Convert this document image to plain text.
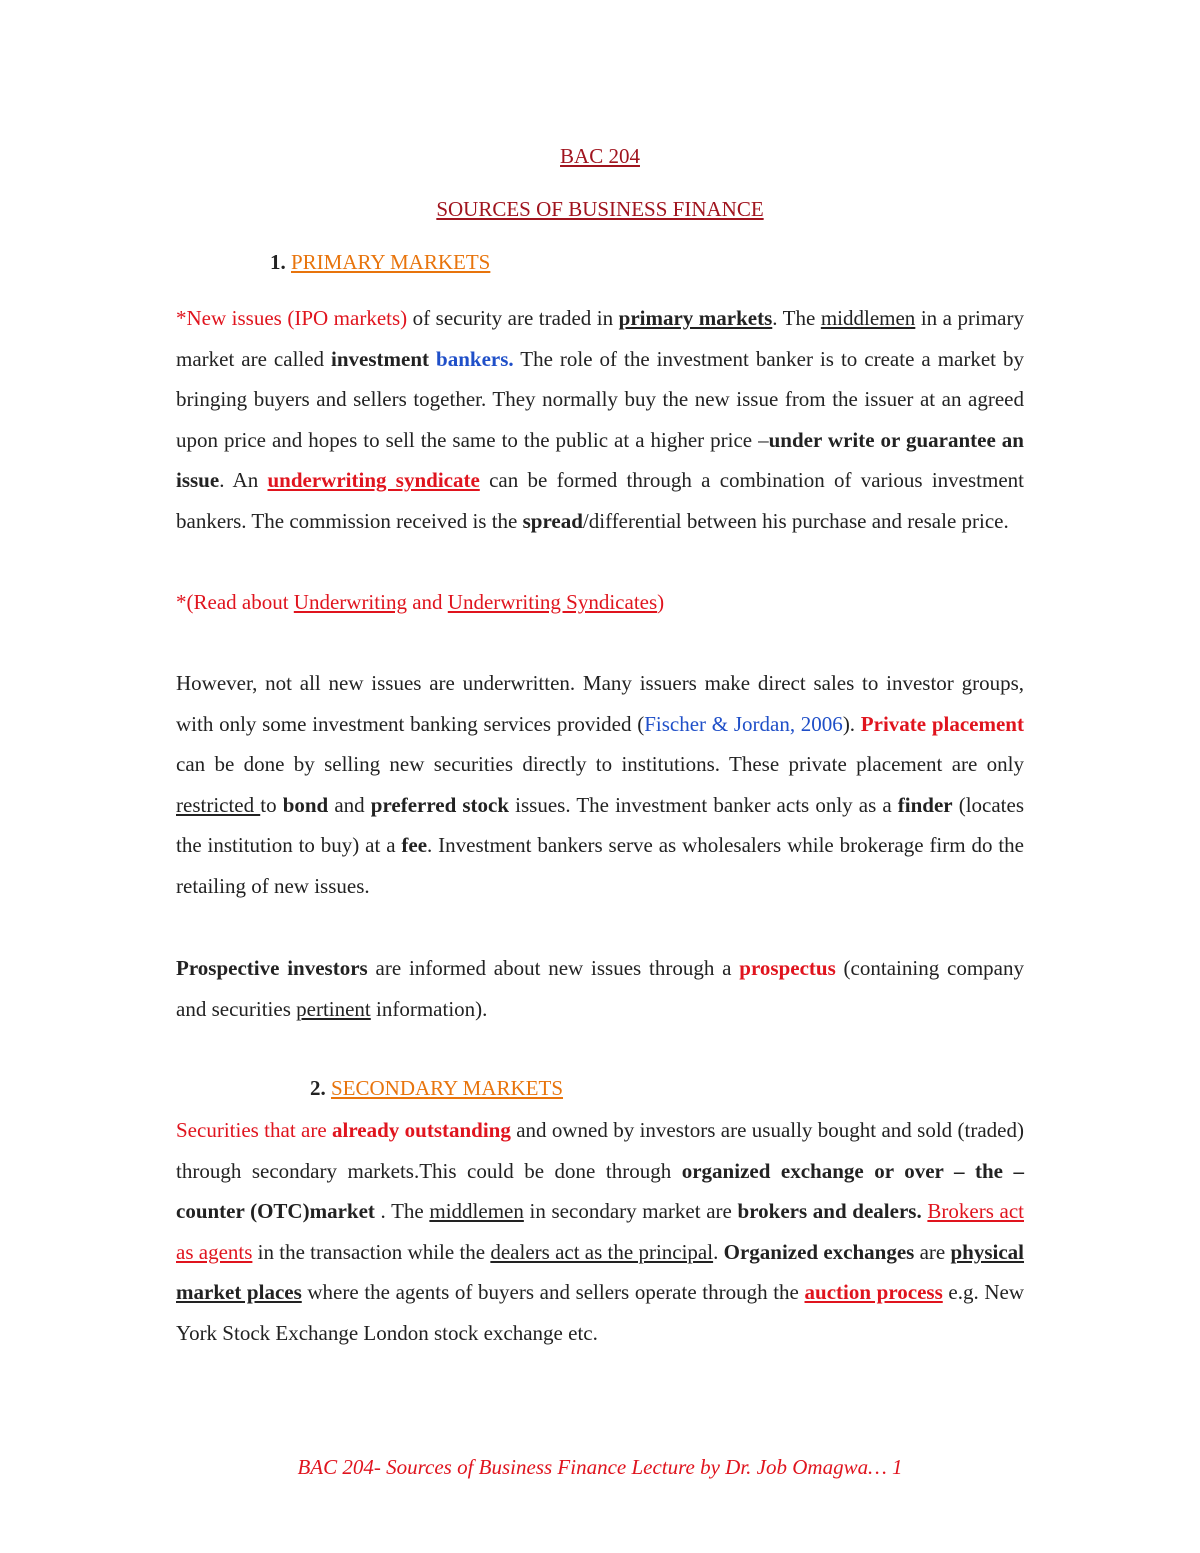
BAC 204
SOURCES OF BUSINESS FINANCE
1. PRIMARY MARKETS
*New issues (IPO markets) of security are traded in primary markets. The middlemen in a primary market are called investment bankers. The role of the investment banker is to create a market by bringing buyers and sellers together. They normally buy the new issue from the issuer at an agreed upon price and hopes to sell the same to the public at a higher price –under write or guarantee an issue. An underwriting syndicate can be formed through a combination of various investment bankers. The commission received is the spread/differential between his purchase and resale price.
*(Read about Underwriting and Underwriting Syndicates)
However, not all new issues are underwritten. Many issuers make direct sales to investor groups, with only some investment banking services provided (Fischer & Jordan, 2006). Private placement can be done by selling new securities directly to institutions. These private placement are only restricted to bond and preferred stock issues. The investment banker acts only as a finder (locates the institution to buy) at a fee. Investment bankers serve as wholesalers while brokerage firm do the retailing of new issues.
Prospective investors are informed about new issues through a prospectus (containing company and securities pertinent information).
2. SECONDARY MARKETS
Securities that are already outstanding and owned by investors are usually bought and sold (traded) through secondary markets.This could be done through organized exchange or over – the – counter (OTC)market . The middlemen in secondary market are brokers and dealers. Brokers act as agents in the transaction while the dealers act as the principal. Organized exchanges are physical market places where the agents of buyers and sellers operate through the auction process e.g. New York Stock Exchange London stock exchange etc.
BAC 204- Sources of Business Finance Lecture by Dr. Job Omagwa… 1
